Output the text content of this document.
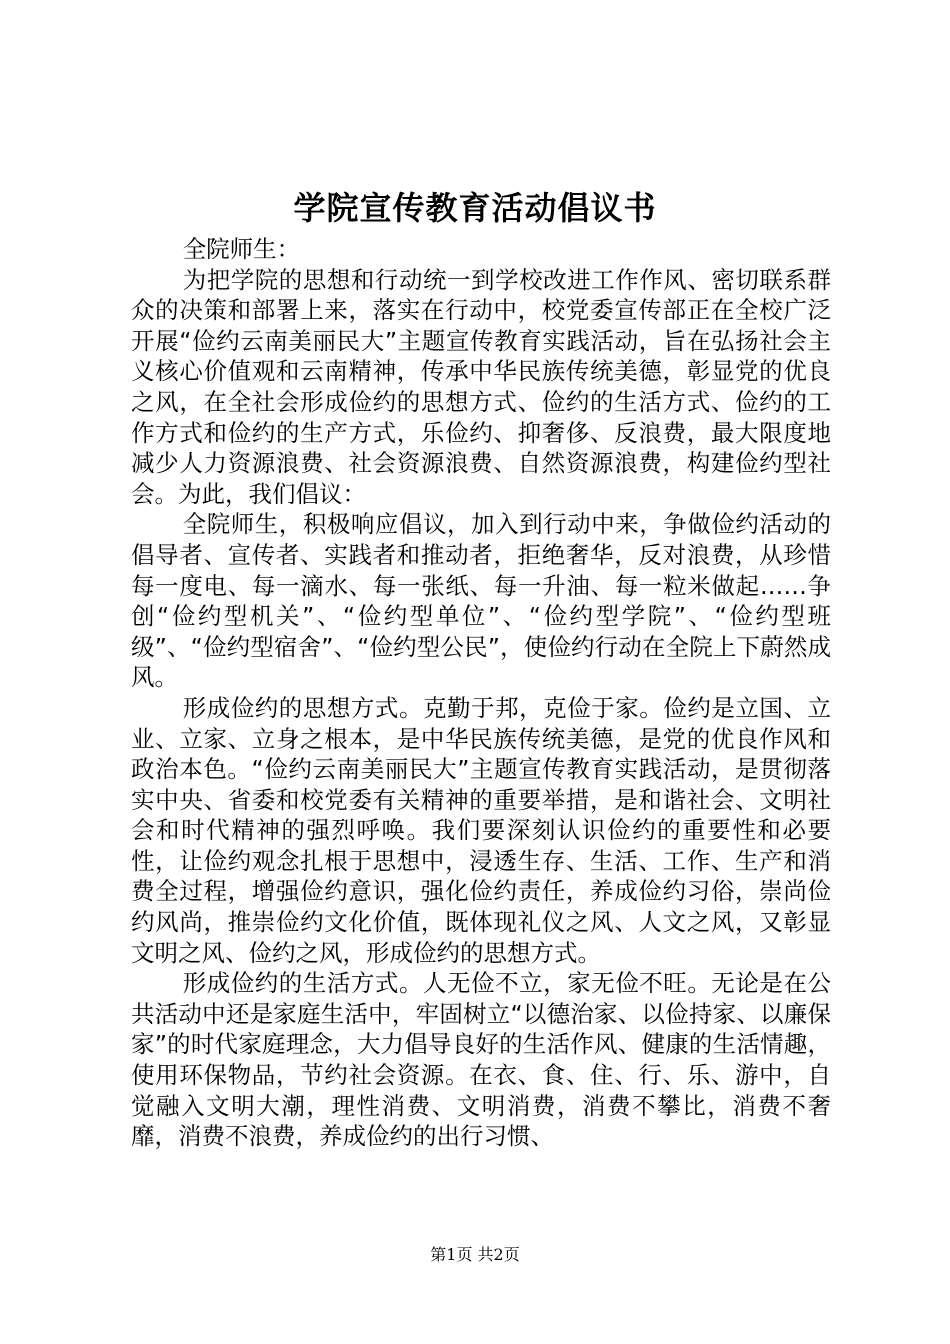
学院宣传教育活动倡议书

全院师生：

为把学院的思想和行动统一到学校改进工作作风、密切联系群众的决策和部署上来，落实在行动中，校党委宣传部正在全校广泛开展“俭约云南美丽民大”主题宣传教育实践活动，旨在弘扬社会主义核心价值观和云南精神，传承中华民族传统美德，彰显党的优良之风，在全社会形成俭约的思想方式、俭约的生活方式、俭约的工作方式和俭约的生产方式，乐俭约、抑奢侈、反浪费，最大限度地减少人力资源浪费、社会资源浪费、自然资源浪费，构建俭约型社会。为此，我们倡议：

全院师生，积极响应倡议，加入到行动中来，争做俭约活动的倡导者、宣传者、实践者和推动者，拒绝奢华，反对浪费，从珍惜每一度电、每一滴水、每一张纸、每一升油、每一粒米做起……争创“俭约型机关”、“俭约型单位”、“俭约型学院”、“俭约型班级”、“俭约型宿舍”、“俭约型公民”，使俭约行动在全院上下蔚然成风。

形成俭约的思想方式。克勤于邦，克俭于家。俭约是立国、立业、立家、立身之根本，是中华民族传统美德，是党的优良作风和政治本色。“俭约云南美丽民大”主题宣传教育实践活动，是贯彻落实中央、省委和校党委有关精神的重要举措，是和谐社会、文明社会和时代精神的强烈呼唤。我们要深刻认识俭约的重要性和必要性，让俭约观念扎根于思想中，浸透生存、生活、工作、生产和消费全过程，增强俭约意识，强化俭约责任，养成俭约习俗，崇尚俭约风尚，推崇俭约文化价值，既体现礼仪之风、人文之风，又彰显文明之风、俭约之风，形成俭约的思想方式。

形成俭约的生活方式。人无俭不立，家无俭不旺。无论是在公共活动中还是家庭生活中，牢固树立“以德治家、以俭持家、以廉保家”的时代家庭理念，大力倡导良好的生活作风、健康的生活情趣，使用环保物品，节约社会资源。在衣、食、住、行、乐、游中，自觉融入文明大潮，理性消费、文明消费，消费不攀比，消费不奢靡，消费不浪费，养成俭约的出行习惯、

第1页 共2页
